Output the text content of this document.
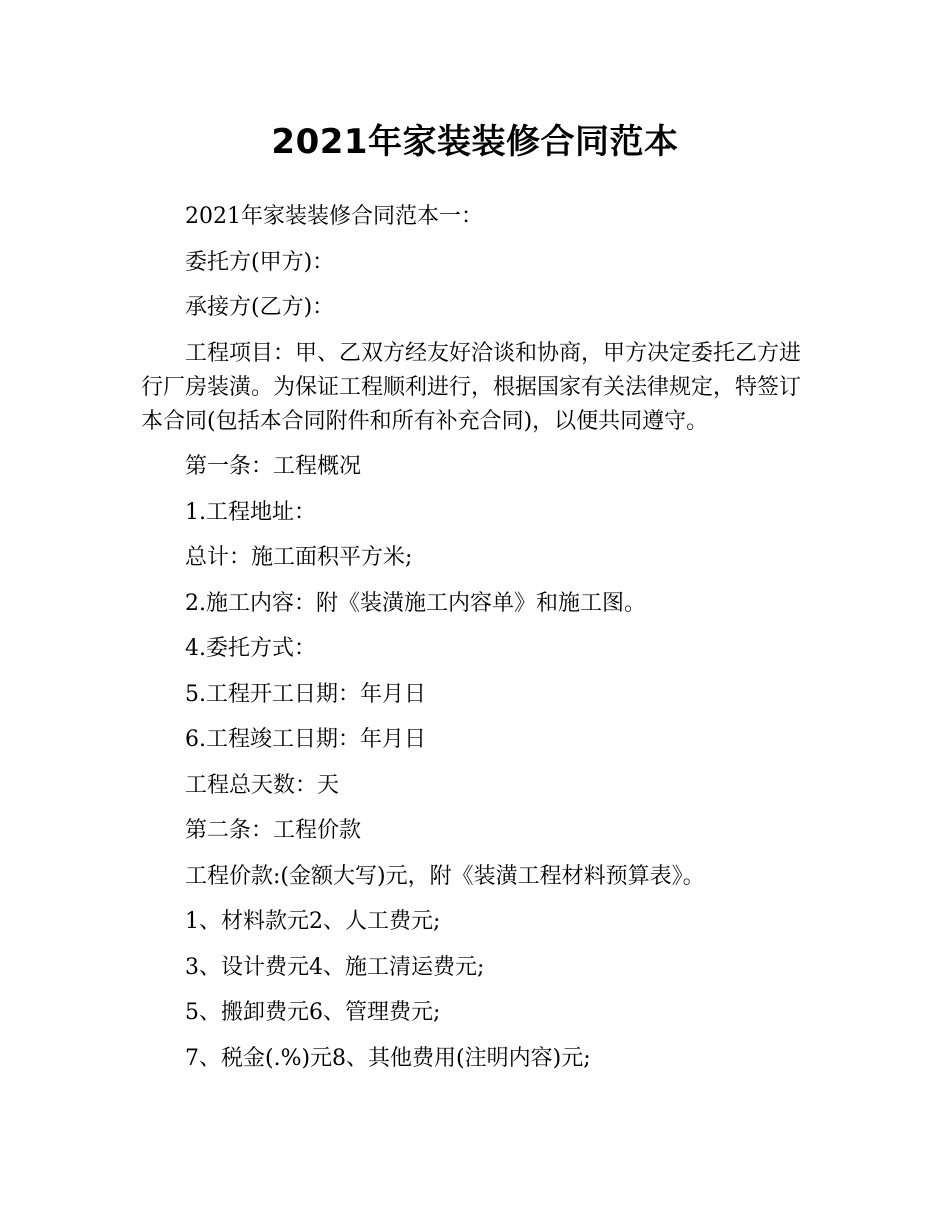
2021年家装装修合同范本

2021年家装装修合同范本一：

委托方(甲方)：

承接方(乙方)：

工程项目：甲、乙双方经友好洽谈和协商，甲方决定委托乙方进行厂房装潢。为保证工程顺利进行，根据国家有关法律规定，特签订本合同(包括本合同附件和所有补充合同)，以便共同遵守。

第一条：工程概况

1.工程地址：

总计：施工面积平方米;

2.施工内容：附《装潢施工内容单》和施工图。

4.委托方式：

5.工程开工日期：年月日

6.工程竣工日期：年月日

工程总天数：天

第二条：工程价款

工程价款:(金额大写)元，附《装潢工程材料预算表》。

1、材料款元2、人工费元;

3、设计费元4、施工清运费元;

5、搬卸费元6、管理费元;

7、税金(.%)元8、其他费用(注明内容)元;
